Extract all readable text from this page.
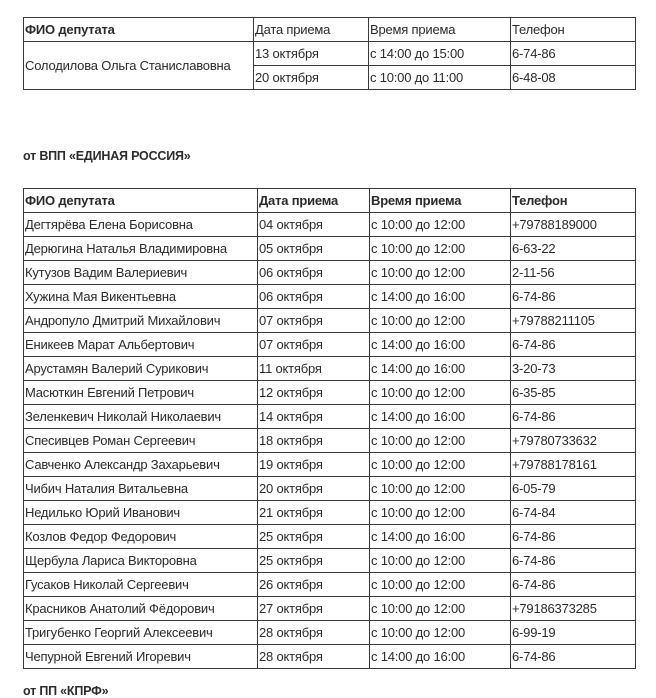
ФИО депутата	Дата приема	Время приема	Телефон
Солодилова Ольга Станиславовна	13 октября	с 14:00 до 15:00	6-74-86
	20 октября	с 10:00 до 11:00	6-48-08
от ВПП «ЕДИНАЯ РОССИЯ»
ФИО депутата	Дата приема	Время приема	Телефон
Дегтярёва Елена Борисовна	04 октября	с 10:00 до 12:00	+79788189000
Дерюгина Наталья Владимировна	05 октября	с 10:00 до 12:00	6-63-22
Кутузов Вадим Валериевич	06 октября	с 10:00 до 12:00	2-11-56
Хужина Мая Викентьевна	06 октября	с 14:00 до 16:00	6-74-86
Андропуло Дмитрий Михайлович	07 октября	с 10:00 до 12:00	+79788211105
Еникеев Марат Альбертович	07 октября	с 14:00 до 16:00	6-74-86
Арустамян Валерий Сурикович	11 октября	с 14:00 до 16:00	3-20-73
Масюткин Евгений Петрович	12 октября	с 10:00 до 12:00	6-35-85
Зеленкевич Николай Николаевич	14 октября	с 14:00 до 16:00	6-74-86
Спесивцев Роман Сергеевич	18 октября	с 10:00 до 12:00	+79780733632
Савченко Александр Захарьевич	19 октября	с 10:00 до 12:00	+79788178161
Чибич Наталия Витальевна	20 октября	с 10:00 до 12:00	6-05-79
Недилько Юрий Иванович	21 октября	с 10:00 до 12:00	6-74-84
Козлов Федор Федорович	25 октября	с 14:00 до 16:00	6-74-86
Щербула Лариса Викторовна	25 октября	с 10:00 до 12:00	6-74-86
Гусаков Николай Сергеевич	26 октября	с 10:00 до 12:00	6-74-86
Красников Анатолий Фёдорович	27 октября	с 10:00 до 12:00	+79186373285
Тригубенко Георгий Алексеевич	28 октября	с 10:00 до 12:00	6-99-19
Чепурной Евгений Игоревич	28 октября	с 14:00 до 16:00	6-74-86
от ПП «КПРФ»
